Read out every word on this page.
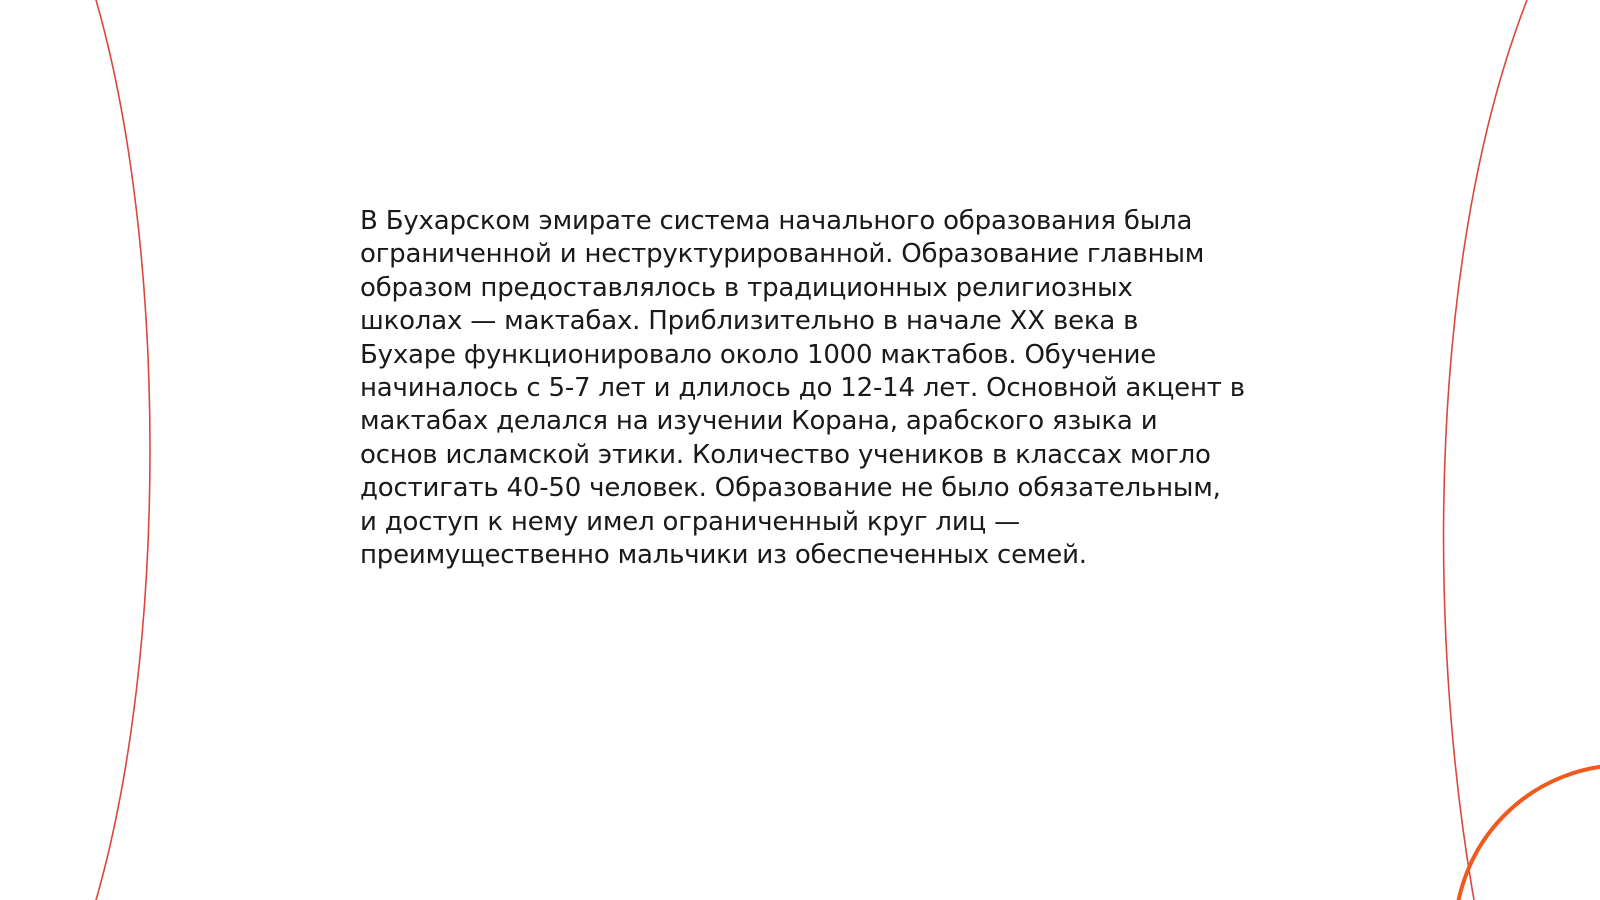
В Бухарском эмирате система начального образования была
ограниченной и неструктурированной. Образование главным
образом предоставлялось в традиционных религиозных
школах — мактабах. Приблизительно в начале XX века в
Бухаре функционировало около 1000 мактабов. Обучение
начиналось с 5-7 лет и длилось до 12-14 лет. Основной акцент в
мактабах делался на изучении Корана, арабского языка и
основ исламской этики. Количество учеников в классах могло
достигать 40-50 человек. Образование не было обязательным,
и доступ к нему имел ограниченный круг лиц —
преимущественно мальчики из обеспеченных семей.
